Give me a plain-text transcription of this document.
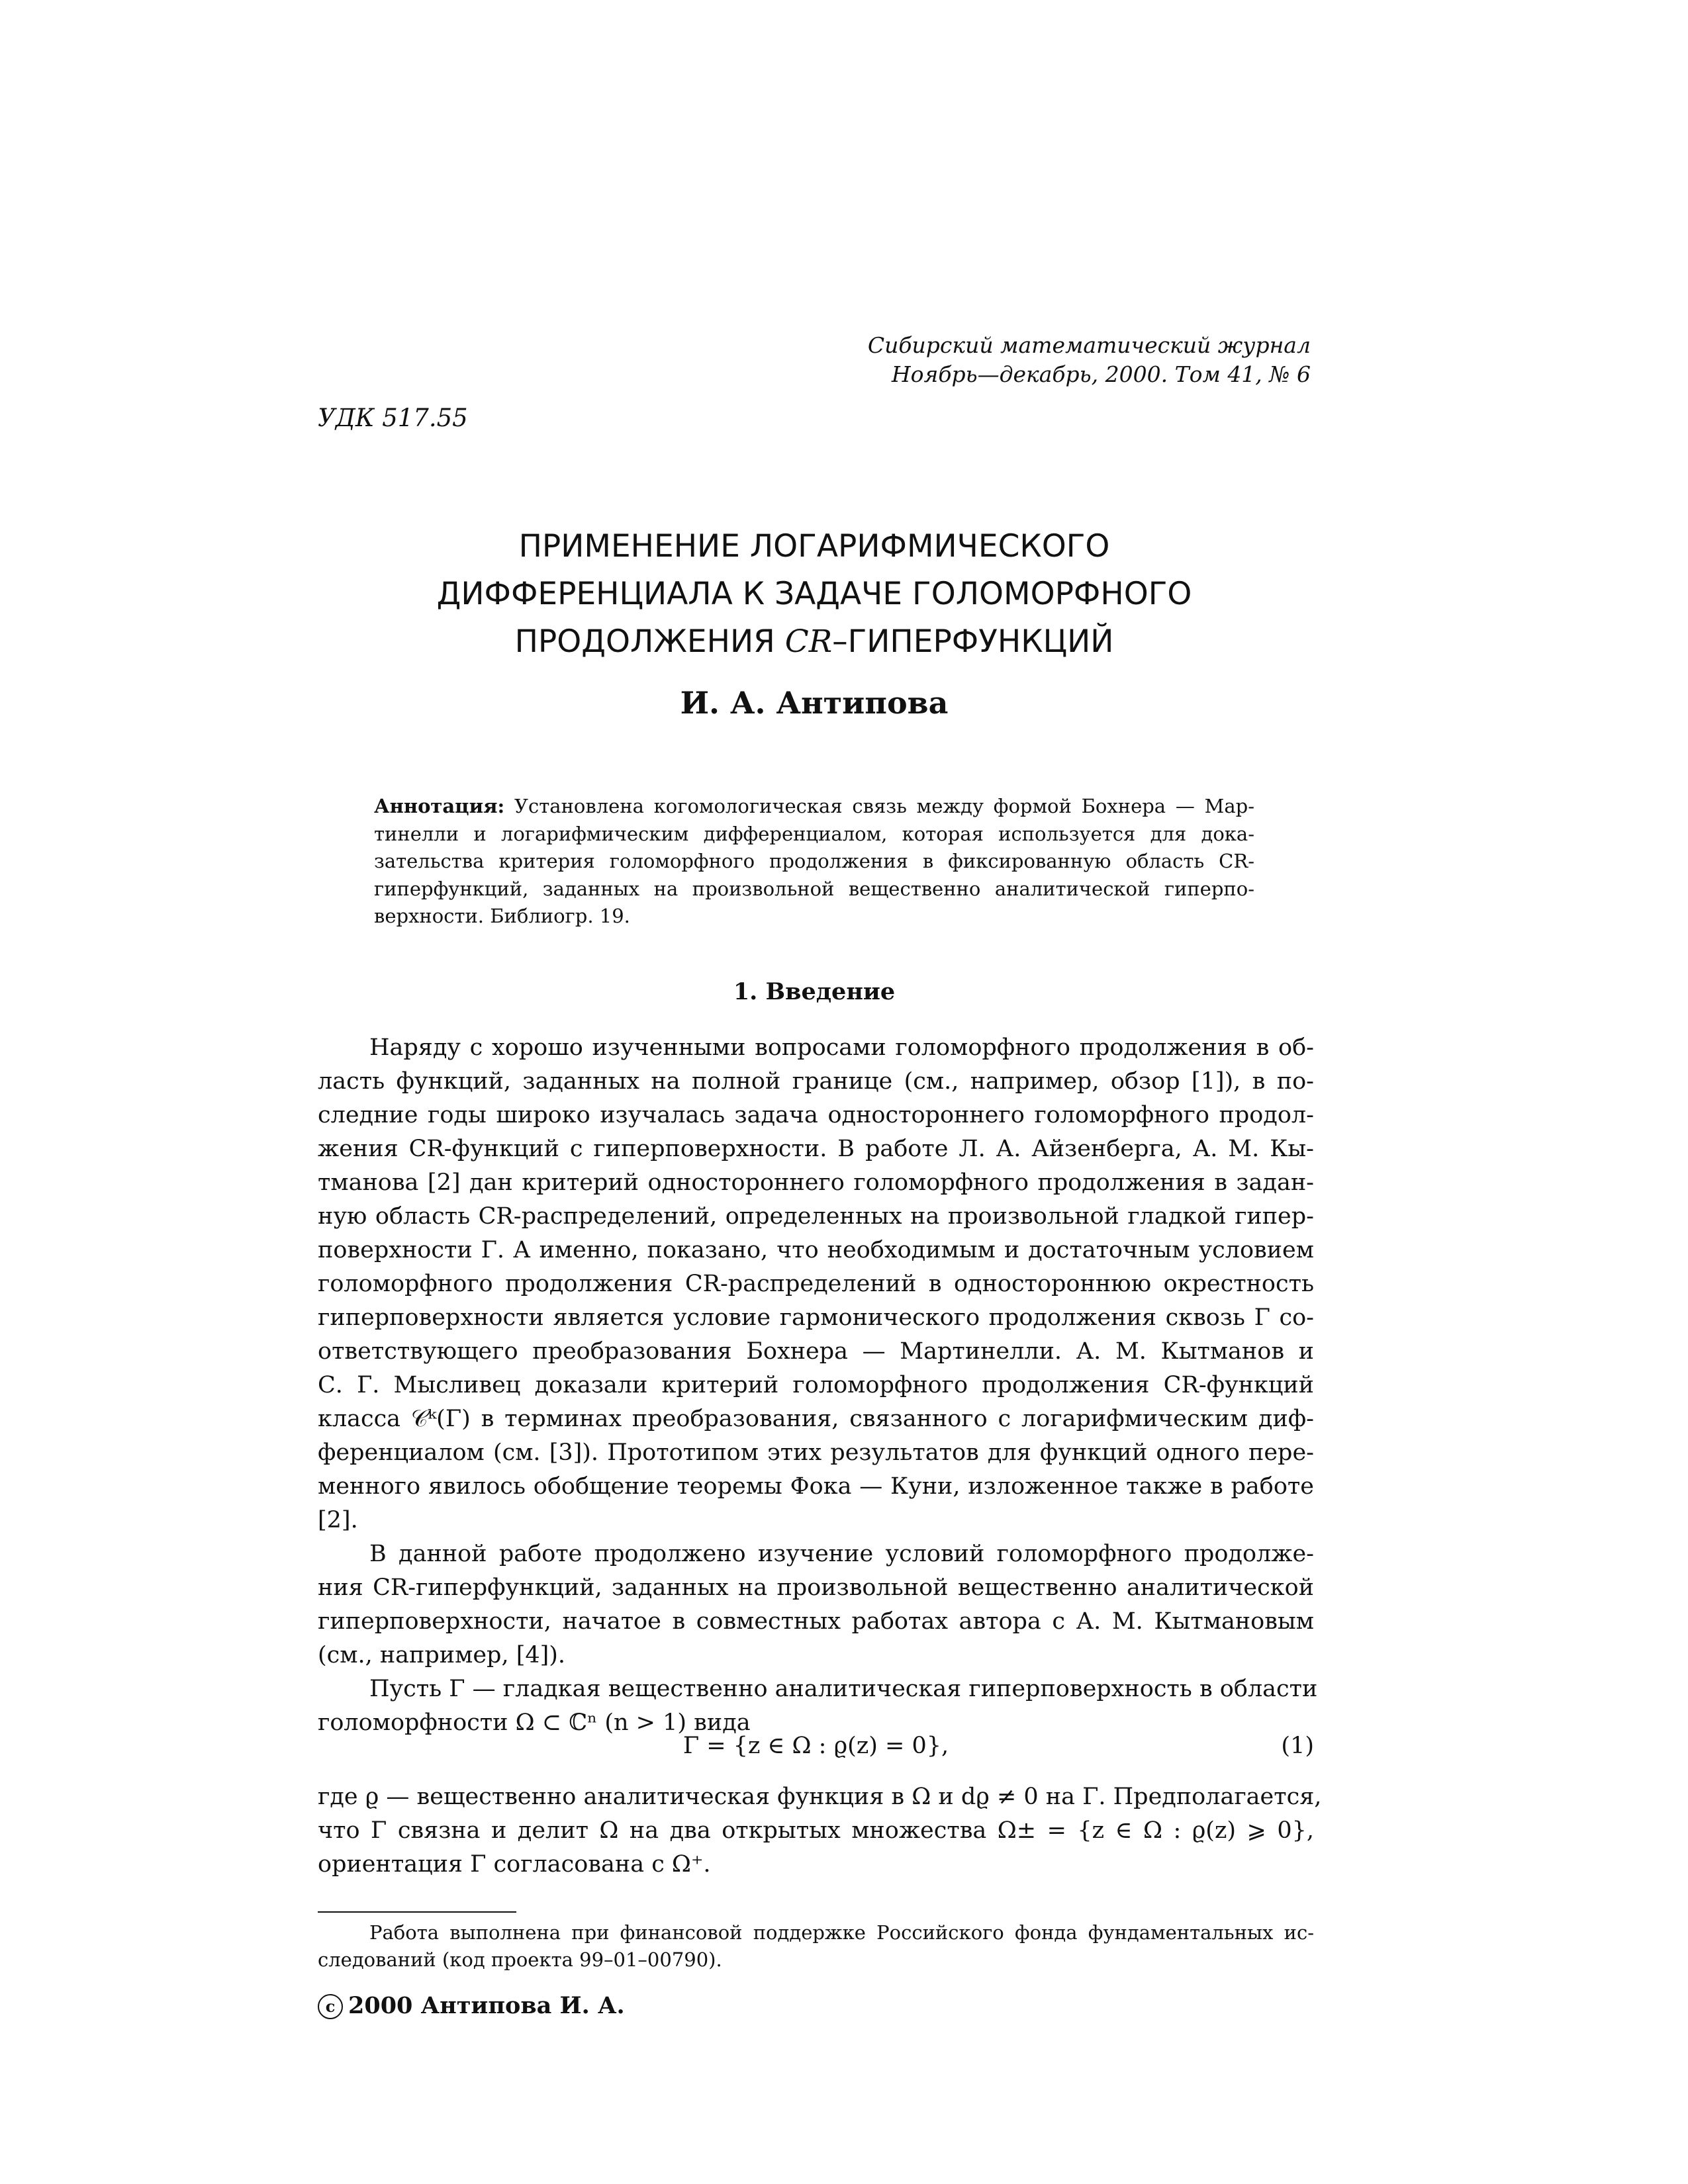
Сибирский математический журнал
Ноябрь—декабрь, 2000. Том 41, № 6
УДК 517.55
ПРИМЕНЕНИЕ ЛОГАРИФМИЧЕСКОГО
ДИФФЕРЕНЦИАЛА К ЗАДАЧЕ ГОЛОМОРФНОГО
ПРОДОЛЖЕНИЯ CR–ГИПЕРФУНКЦИЙ
И. А. Антипова
Аннотация: Установлена когомологическая связь между формой Бохнера — Мар-
тинелли и логарифмическим дифференциалом, которая используется для дока-
зательства критерия голоморфного продолжения в фиксированную область CR-
гиперфункций, заданных на произвольной вещественно аналитической гиперпо-
верхности. Библиогр. 19.
1. Введение
Наряду с хорошо изученными вопросами голоморфного продолжения в об-
ласть функций, заданных на полной границе (см., например, обзор [1]), в по-
следние годы широко изучалась задача одностороннего голоморфного продол-
жения CR-функций с гиперповерхности. В работе Л. А. Айзенберга, А. М. Кы-
тманова [2] дан критерий одностороннего голоморфного продолжения в задан-
ную область CR-распределений, определенных на произвольной гладкой гипер-
поверхности Γ. А именно, показано, что необходимым и достаточным условием
голоморфного продолжения CR-распределений в одностороннюю окрестность
гиперповерхности является условие гармонического продолжения сквозь Γ со-
ответствующего преобразования Бохнера — Мартинелли. А. М. Кытманов и
С. Г. Мысливец доказали критерий голоморфного продолжения CR-функций
класса 𝒞ᵏ(Γ) в терминах преобразования, связанного с логарифмическим диф-
ференциалом (см. [3]). Прототипом этих результатов для функций одного пере-
менного явилось обобщение теоремы Фока — Куни, изложенное также в работе
[2].
В данной работе продолжено изучение условий голоморфного продолже-
ния CR-гиперфункций, заданных на произвольной вещественно аналитической
гиперповерхности, начатое в совместных работах автора с А. М. Кытмановым
(см., например, [4]).
Пусть Γ — гладкая вещественно аналитическая гиперповерхность в области
голоморфности Ω ⊂ ℂⁿ (n > 1) вида
Γ = {z ∈ Ω : ϱ(z) = 0},	(1)
где ϱ — вещественно аналитическая функция в Ω и dϱ ≠ 0 на Γ. Предполагается,
что Γ связна и делит Ω на два открытых множества Ω± = {z ∈ Ω : ϱ(z) ⩾ 0},
ориентация Γ согласована с Ω⁺.
Работа выполнена при финансовой поддержке Российского фонда фундаментальных ис-
следований (код проекта 99–01–00790).
c 2000 Антипова И. А.
